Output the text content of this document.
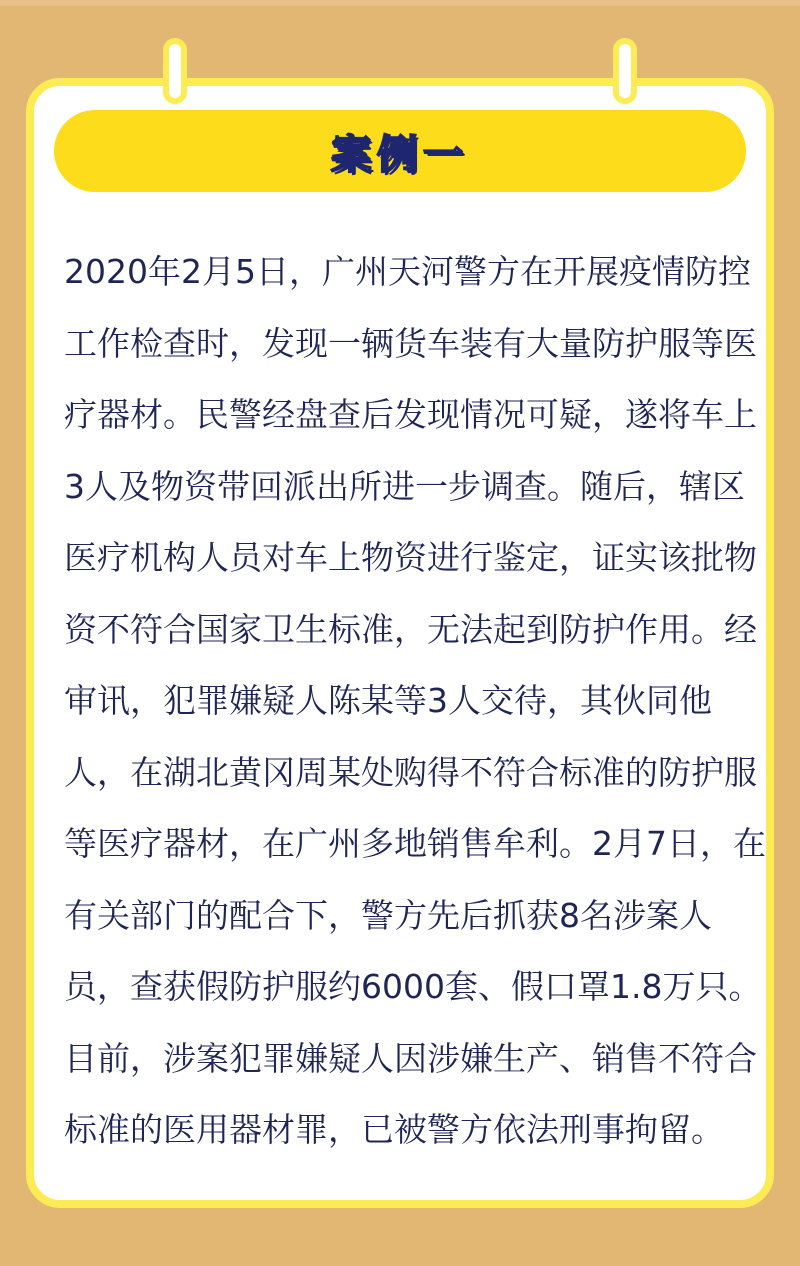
案例一
2020年2月5日，广州天河警方在开展疫情防控
工作检查时，发现一辆货车装有大量防护服等医
疗器材。民警经盘查后发现情况可疑，遂将车上
3人及物资带回派出所进一步调查。随后，辖区
医疗机构人员对车上物资进行鉴定，证实该批物
资不符合国家卫生标准，无法起到防护作用。经
审讯，犯罪嫌疑人陈某等3人交待，其伙同他
人，在湖北黄冈周某处购得不符合标准的防护服
等医疗器材，在广州多地销售牟利。2月7日，在
有关部门的配合下，警方先后抓获8名涉案人
员，查获假防护服约6000套、假口罩1.8万只。
目前，涉案犯罪嫌疑人因涉嫌生产、销售不符合
标准的医用器材罪，已被警方依法刑事拘留。
